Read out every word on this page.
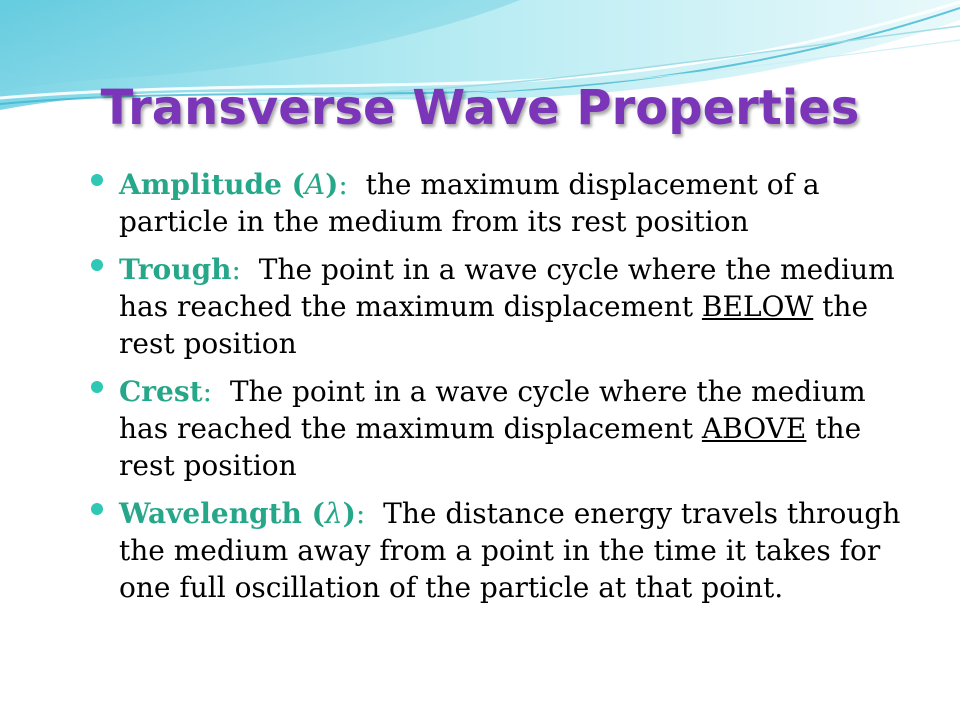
Transverse Wave Properties
Amplitude (A): the maximum displacement of a particle in the medium from its rest position
Trough: The point in a wave cycle where the medium has reached the maximum displacement BELOW the rest position
Crest: The point in a wave cycle where the medium has reached the maximum displacement ABOVE the rest position
Wavelength (λ): The distance energy travels through the medium away from a point in the time it takes for one full oscillation of the particle at that point.
